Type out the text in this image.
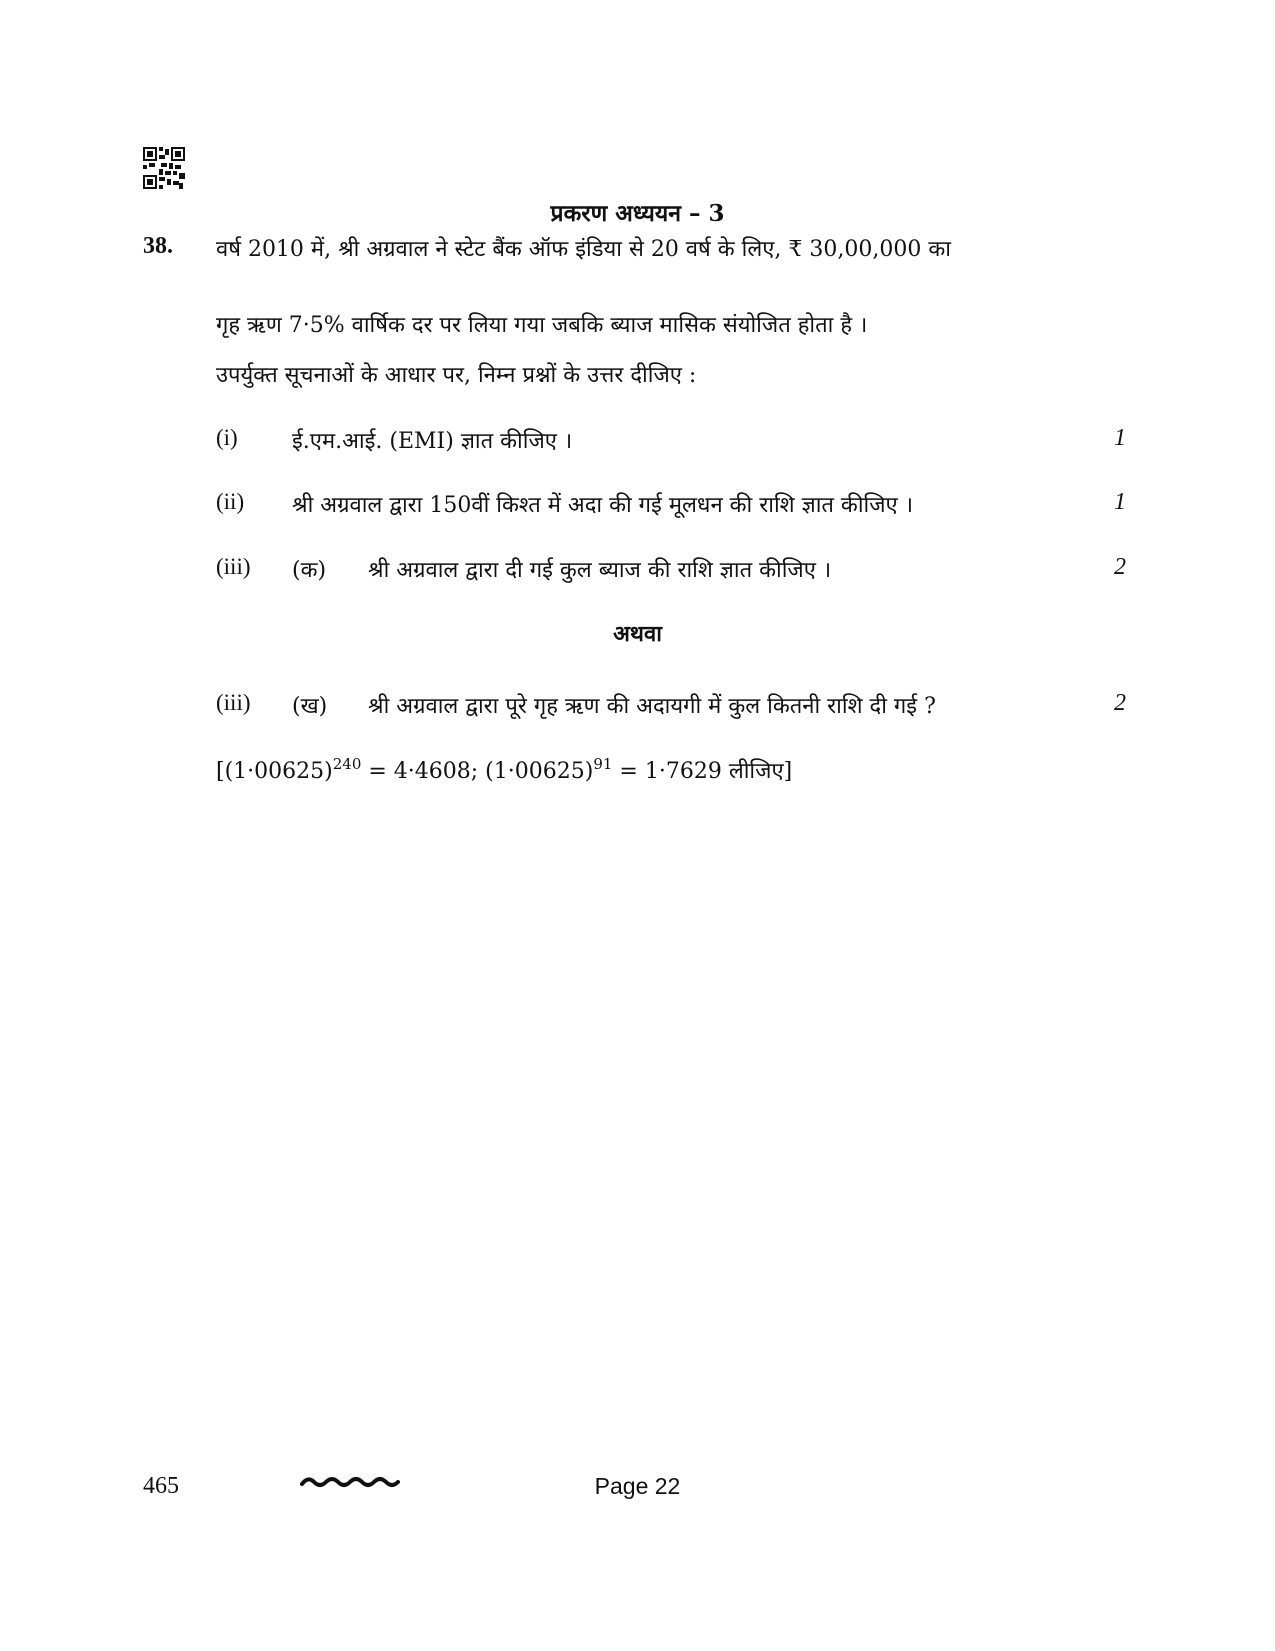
प्रकरण अध्ययन – 3
38. वर्ष 2010 में, श्री अग्रवाल ने स्टेट बैंक ऑफ इंडिया से 20 वर्ष के लिए, ₹ 30,00,000 का
गृह ऋण 7·5% वार्षिक दर पर लिया गया जबकि ब्याज मासिक संयोजित होता है ।
उपर्युक्त सूचनाओं के आधार पर, निम्न प्रश्नों के उत्तर दीजिए :
(i) ई.एम.आई. (EMI) ज्ञात कीजिए ।	1
(ii) श्री अग्रवाल द्वारा 150वीं किश्त में अदा की गई मूलधन की राशि ज्ञात कीजिए ।	1
(iii) (क) श्री अग्रवाल द्वारा दी गई कुल ब्याज की राशि ज्ञात कीजिए ।	2
अथवा
(iii) (ख) श्री अग्रवाल द्वारा पूरे गृह ऋण की अदायगी में कुल कितनी राशि दी गई ?	2
[$(1\cdot 00625)^{240} = 4\cdot 4608$; $(1\cdot 00625)^{91} = 1\cdot 7629$ लीजिए]
465	Page 22
